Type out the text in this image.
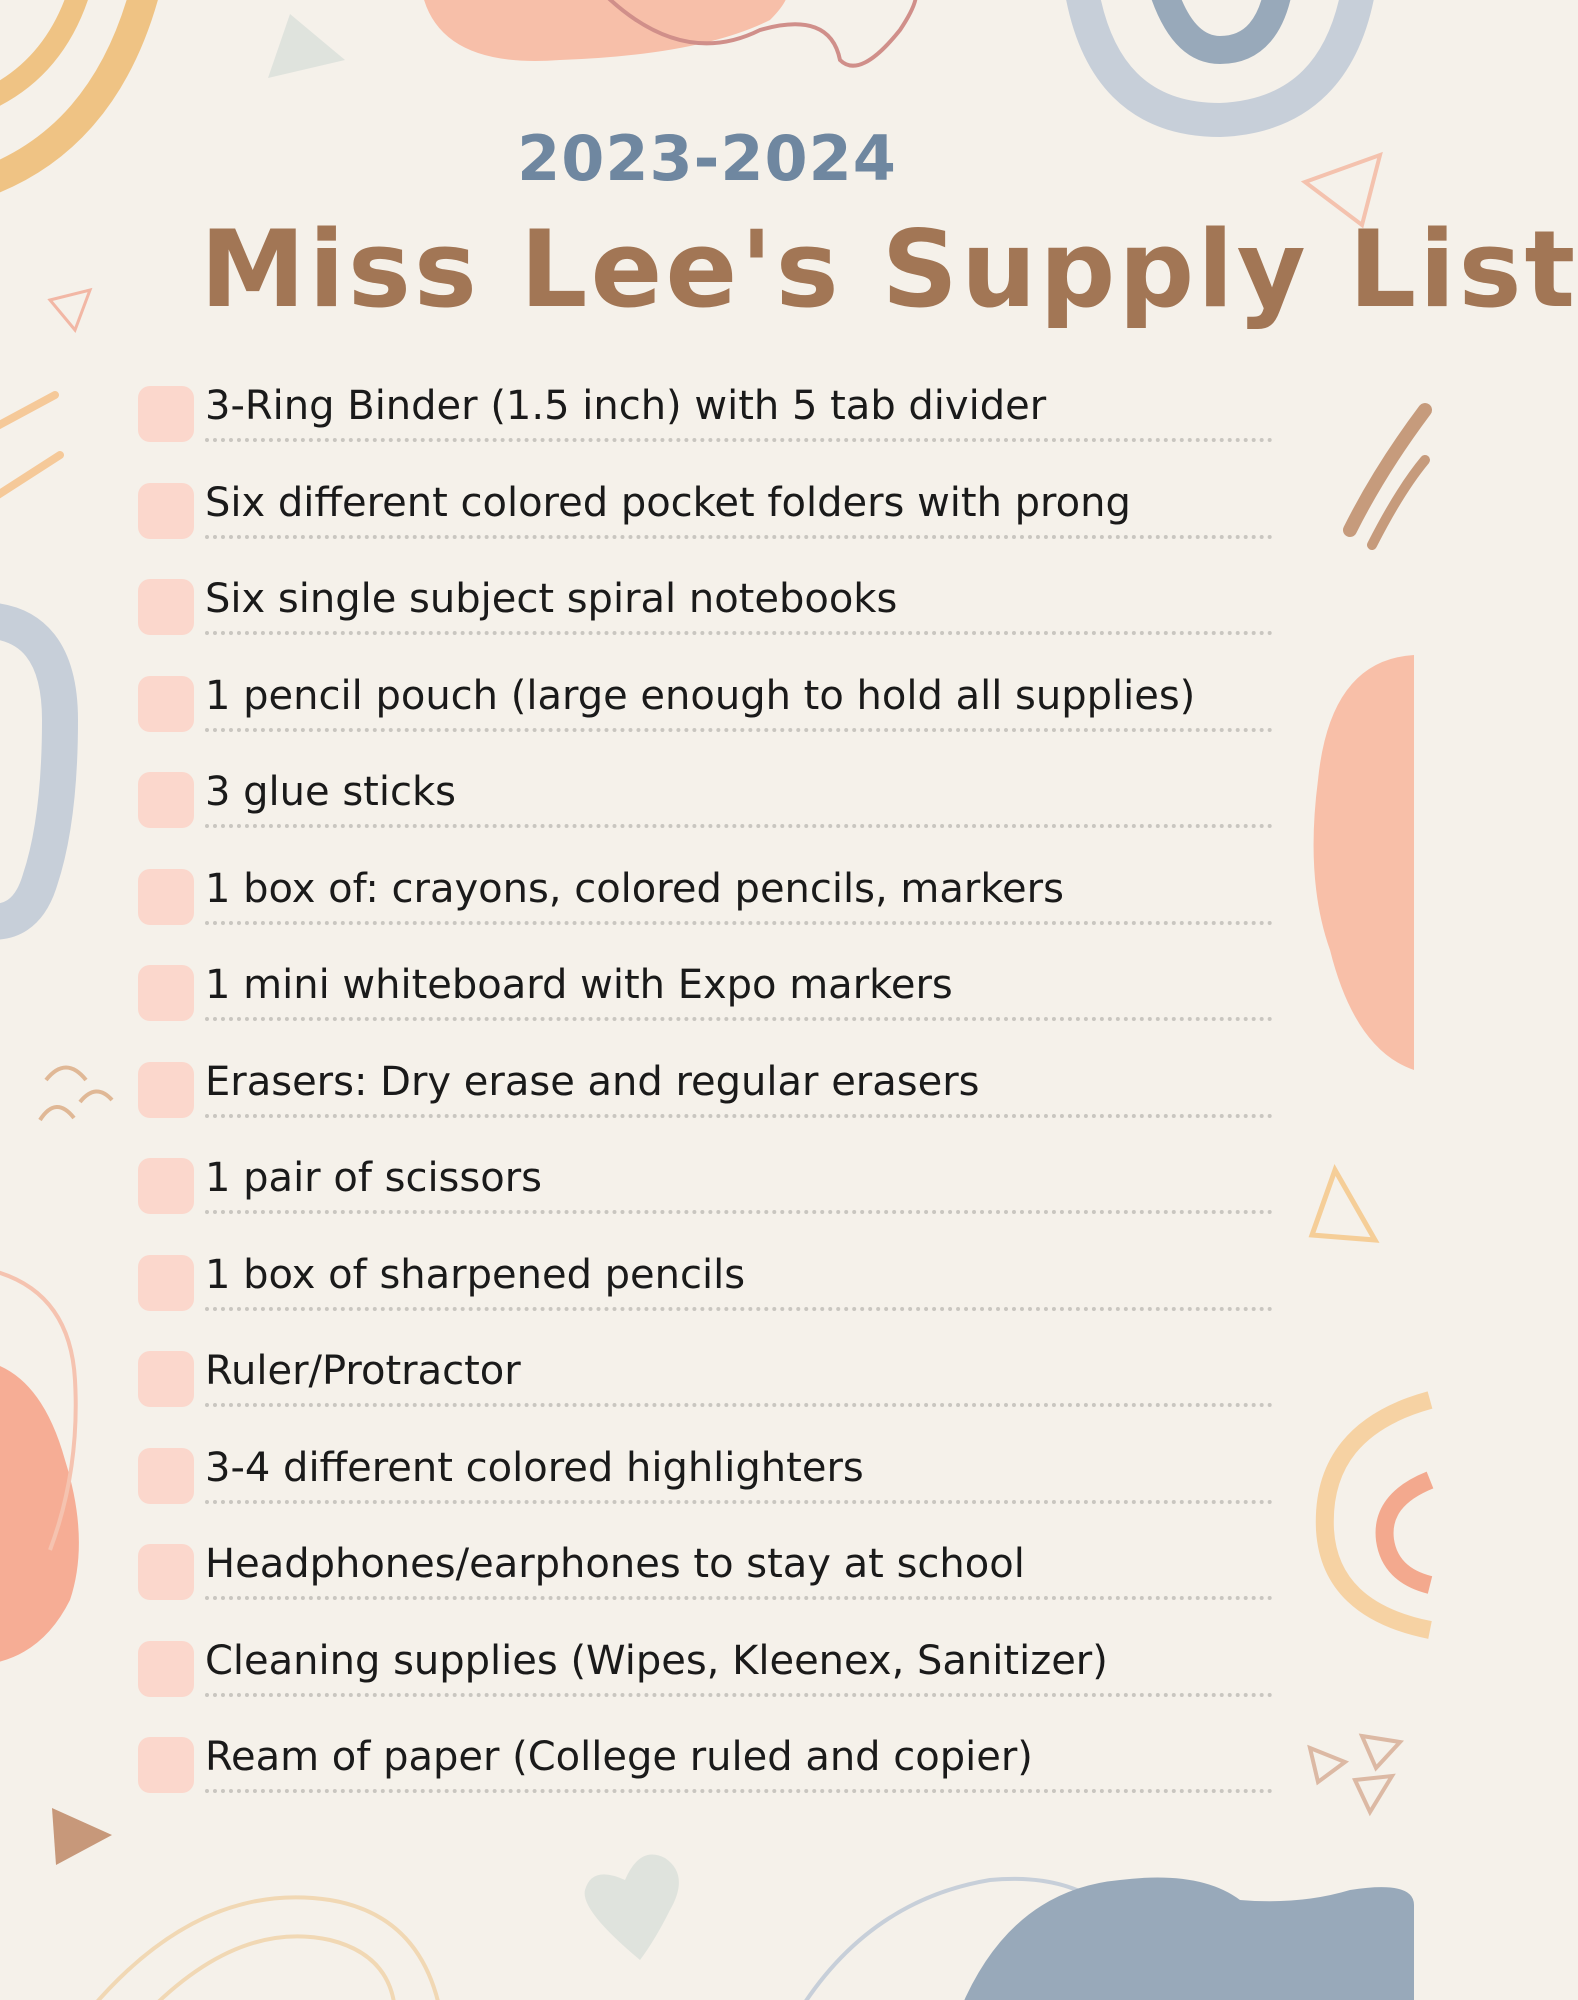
2023-2024
Miss Lee's Supply List
3-Ring Binder (1.5 inch) with 5 tab divider
Six different colored pocket folders with prong
Six single subject spiral notebooks
1 pencil pouch (large enough to hold all supplies)
3 glue sticks
1 box of: crayons, colored pencils, markers
1 mini whiteboard with Expo markers
Erasers: Dry erase and regular erasers
1 pair of scissors
1 box of sharpened pencils
Ruler/Protractor
3-4 different colored highlighters
Headphones/earphones to stay at school
Cleaning supplies (Wipes, Kleenex, Sanitizer)
Ream of paper (College ruled and copier)
